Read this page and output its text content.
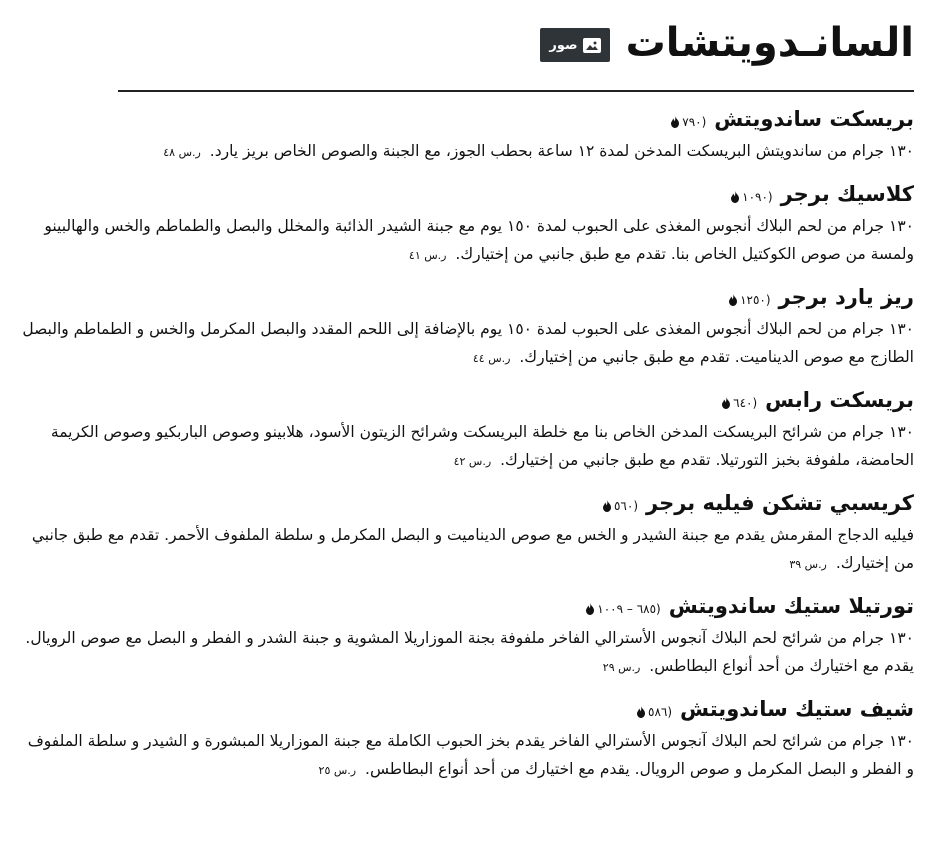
السانـدويتشات
صور
بريسكت ساندويتش
(٧٩٠

١٣٠ جرام من ساندويتش البريسكت المدخن لمدة ١٢ ساعة بحطب الجوز، مع الجبنة والصوص الخاص بريز يارد. ر.س ٤٨

كلاسيك برجر
(١٠٩٠

١٣٠ جرام من لحم البلاك أنجوس المغذى على الحبوب لمدة ١٥٠ يوم مع جبنة الشيدر الذائبة والمخلل والبصل والطماطم والخس والهالبينو ولمسة من صوص الكوكتيل الخاص بنا. تقدم مع طبق جانبي من إختيارك. ر.س ٤١

ريز يارد برجر
(١٢٥٠

١٣٠ جرام من لحم البلاك أنجوس المغذى على الحبوب لمدة ١٥٠ يوم بالإضافة إلى اللحم المقدد والبصل المكرمل والخس و الطماطم والبصل الطازج مع صوص الديناميت. تقدم مع طبق جانبي من إختيارك. ر.س ٤٤

بريسكت رابس
(٦٤٠

١٣٠ جرام من شرائح البريسكت المدخن الخاص بنا مع خلطة البريسكت وشرائح الزيتون الأسود، هلابينو وصوص الباربكيو وصوص الكريمة الحامضة، ملفوفة بخبز التورتيلا. تقدم مع طبق جانبي من إختيارك. ر.س ٤٢

كريسبي تشكن فيليه برجر
(٥٦٠

فيليه الدجاج المقرمش يقدم مع جبنة الشيدر و الخس مع صوص الديناميت و البصل المكرمل و سلطة الملفوف الأحمر. تقدم مع طبق جانبي من إختيارك. ر.س ٣٩

تورتيلا ستيك ساندويتش
(٦٨٥ – ١٠٠٩

١٣٠ جرام من شرائح لحم البلاك آنجوس الأسترالي الفاخر ملفوفة بجنة الموزاريلا المشوية و جبنة الشدر و الفطر و البصل مع صوص الرويال. يقدم مع اختيارك من أحد أنواع البطاطس. ر.س ٢٩

شيف ستيك ساندويتش
(٥٨٦

١٣٠ جرام من شرائح لحم البلاك آنجوس الأسترالي الفاخر يقدم بخز الحبوب الكاملة مع جبنة الموزاريلا المبشورة و الشيدر و سلطة الملفوف و الفطر و البصل المكرمل و صوص الرويال. يقدم مع اختيارك من أحد أنواع البطاطس. ر.س ٢٥
